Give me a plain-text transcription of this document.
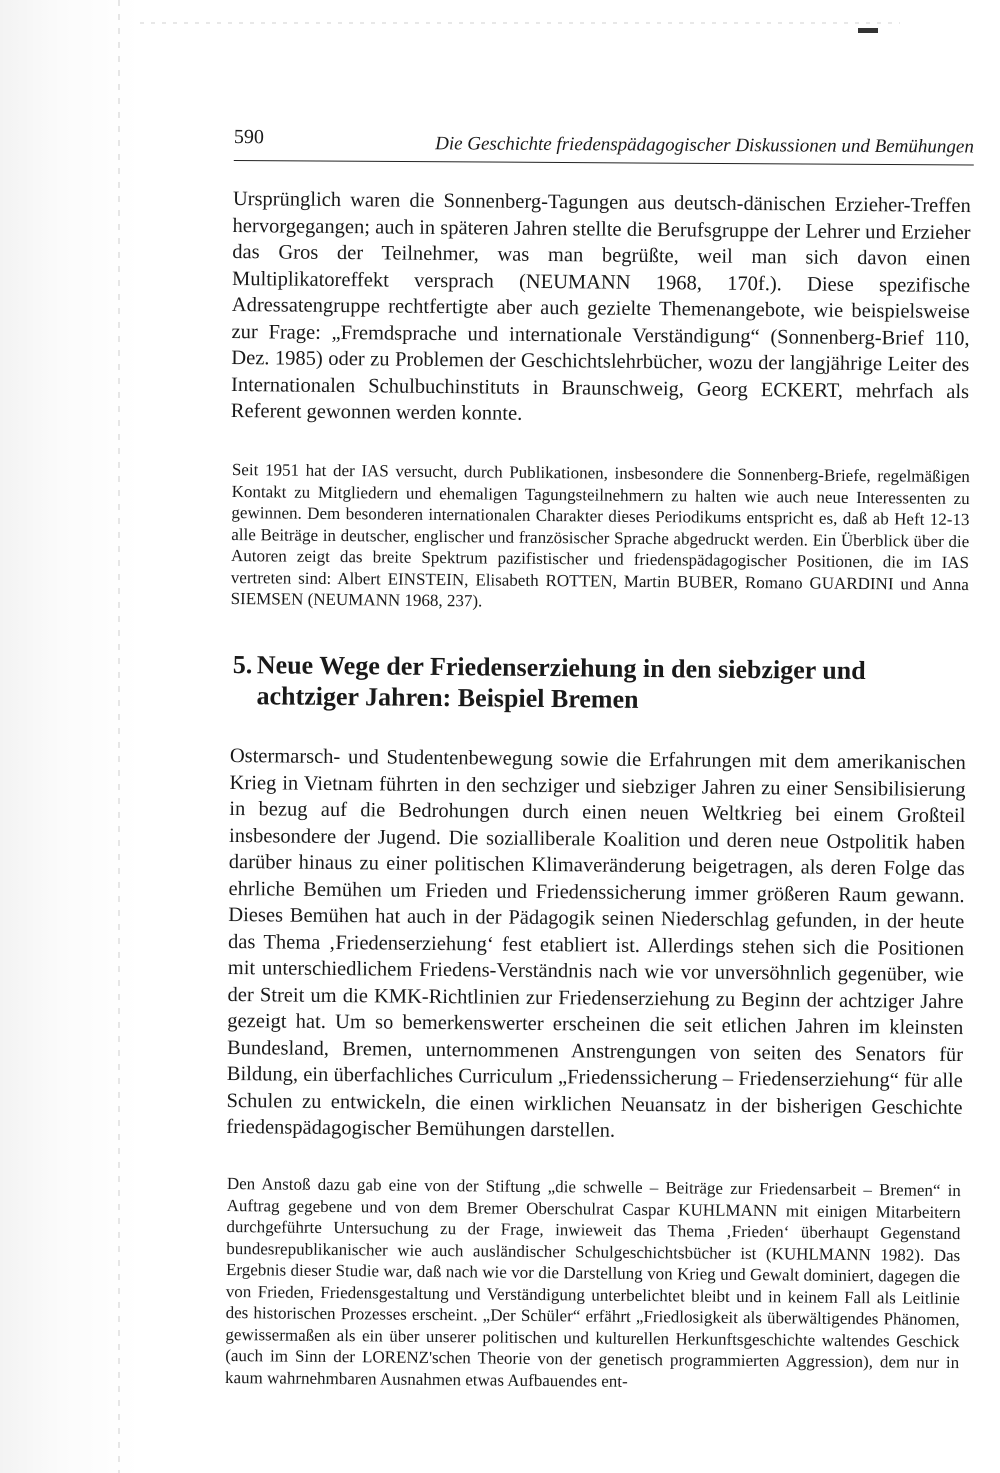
590	Die Geschichte friedenspädagogischer Diskussionen und Bemühungen

Ursprünglich waren die Sonnenberg-Tagungen aus deutsch-dänischen Erzieher-Treffen hervorgegangen; auch in späteren Jahren stellte die Berufsgruppe der Lehrer und Erzieher das Gros der Teilnehmer, was man begrüßte, weil man sich davon einen Multiplikatoreffekt versprach (NEUMANN 1968, 170f.). Diese spezifische Adressatengruppe rechtfertigte aber auch gezielte Themenangebote, wie beispielsweise zur Frage: „Fremdsprache und internationale Verständigung“ (Sonnenberg-Brief 110, Dez. 1985) oder zu Problemen der Geschichtslehrbücher, wozu der langjährige Leiter des Internationalen Schulbuchinstituts in Braunschweig, Georg ECKERT, mehrfach als Referent gewonnen werden konnte.

Seit 1951 hat der IAS versucht, durch Publikationen, insbesondere die Sonnenberg-Briefe, regelmäßigen Kontakt zu Mitgliedern und ehemaligen Tagungsteilnehmern zu halten wie auch neue Interessenten zu gewinnen. Dem besonderen internationalen Charakter dieses Periodikums entspricht es, daß ab Heft 12-13 alle Beiträge in deutscher, englischer und französischer Sprache abgedruckt werden. Ein Überblick über die Autoren zeigt das breite Spektrum pazifistischer und friedenspädagogischer Positionen, die im IAS vertreten sind: Albert EINSTEIN, Elisabeth ROTTEN, Martin BUBER, Romano GUARDINI und Anna SIEMSEN (NEUMANN 1968, 237).

5. Neue Wege der Friedenserziehung in den siebziger und achtziger Jahren: Beispiel Bremen

Ostermarsch- und Studentenbewegung sowie die Erfahrungen mit dem amerikanischen Krieg in Vietnam führten in den sechziger und siebziger Jahren zu einer Sensibilisierung in bezug auf die Bedrohungen durch einen neuen Weltkrieg bei einem Großteil insbesondere der Jugend. Die sozialliberale Koalition und deren neue Ostpolitik haben darüber hinaus zu einer politischen Klimaveränderung beigetragen, als deren Folge das ehrliche Bemühen um Frieden und Friedenssicherung immer größeren Raum gewann. Dieses Bemühen hat auch in der Pädagogik seinen Niederschlag gefunden, in der heute das Thema ‚Friedenserziehung‘ fest etabliert ist. Allerdings stehen sich die Positionen mit unterschiedlichem Friedens-Verständnis nach wie vor unversöhnlich gegenüber, wie der Streit um die KMK-Richtlinien zur Friedenserziehung zu Beginn der achtziger Jahre gezeigt hat. Um so bemerkenswerter erscheinen die seit etlichen Jahren im kleinsten Bundesland, Bremen, unternommenen Anstrengungen von seiten des Senators für Bildung, ein überfachliches Curriculum „Friedenssicherung – Friedenserziehung“ für alle Schulen zu entwickeln, die einen wirklichen Neuansatz in der bisherigen Geschichte friedenspädagogischer Bemühungen darstellen.

Den Anstoß dazu gab eine von der Stiftung „die schwelle – Beiträge zur Friedensarbeit – Bremen“ in Auftrag gegebene und von dem Bremer Oberschulrat Caspar KUHLMANN mit einigen Mitarbeitern durchgeführte Untersuchung zu der Frage, inwieweit das Thema ‚Frieden‘ überhaupt Gegenstand bundesrepublikanischer wie auch ausländischer Schulgeschichtsbücher ist (KUHLMANN 1982). Das Ergebnis dieser Studie war, daß nach wie vor die Darstellung von Krieg und Gewalt dominiert, dagegen die von Frieden, Friedensgestaltung und Verständigung unterbelichtet bleibt und in keinem Fall als Leitlinie des historischen Prozesses erscheint. „Der Schüler“ erfährt „Friedlosigkeit als überwältigendes Phänomen, gewissermaßen als ein über unserer politischen und kulturellen Herkunftsgeschichte waltendes Geschick (auch im Sinn der LORENZ'schen Theorie von der genetisch programmierten Aggression), dem nur in kaum wahrnehmbaren Ausnahmen etwas Aufbauendes ent-
